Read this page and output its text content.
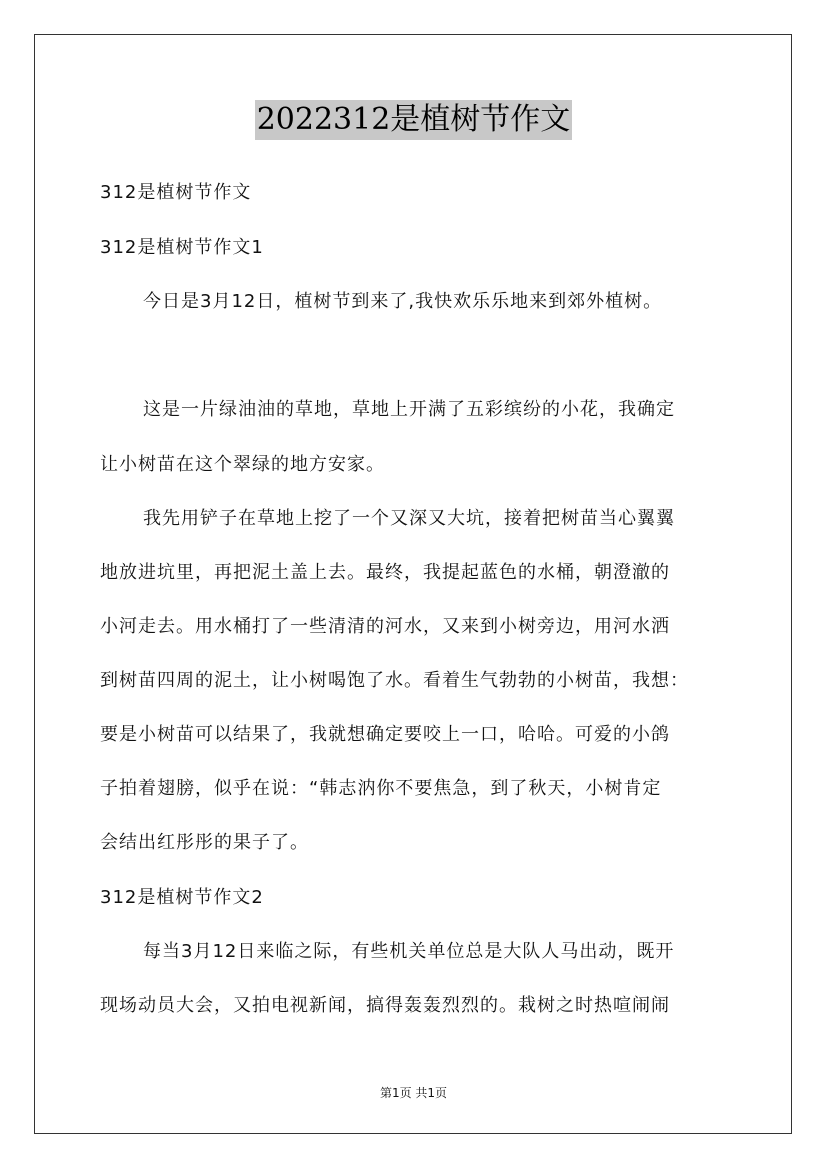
2022312是植树节作文
312是植树节作文
312是植树节作文1
今日是3月12日，植树节到来了,我快欢乐乐地来到郊外植树。
这是一片绿油油的草地，草地上开满了五彩缤纷的小花，我确定
让小树苗在这个翠绿的地方安家。
我先用铲子在草地上挖了一个又深又大坑，接着把树苗当心翼翼
地放进坑里，再把泥土盖上去。最终，我提起蓝色的水桶，朝澄澈的
小河走去。用水桶打了一些清清的河水，又来到小树旁边，用河水洒
到树苗四周的泥土，让小树喝饱了水。看着生气勃勃的小树苗，我想：
要是小树苗可以结果了，我就想确定要咬上一口，哈哈。可爱的小鸽
子拍着翅膀，似乎在说：“韩志汭你不要焦急，到了秋天，小树肯定
会结出红彤彤的果子了。
312是植树节作文2
每当3月12日来临之际，有些机关单位总是大队人马出动，既开
现场动员大会，又拍电视新闻，搞得轰轰烈烈的。栽树之时热喧闹闹
第1页 共1页
